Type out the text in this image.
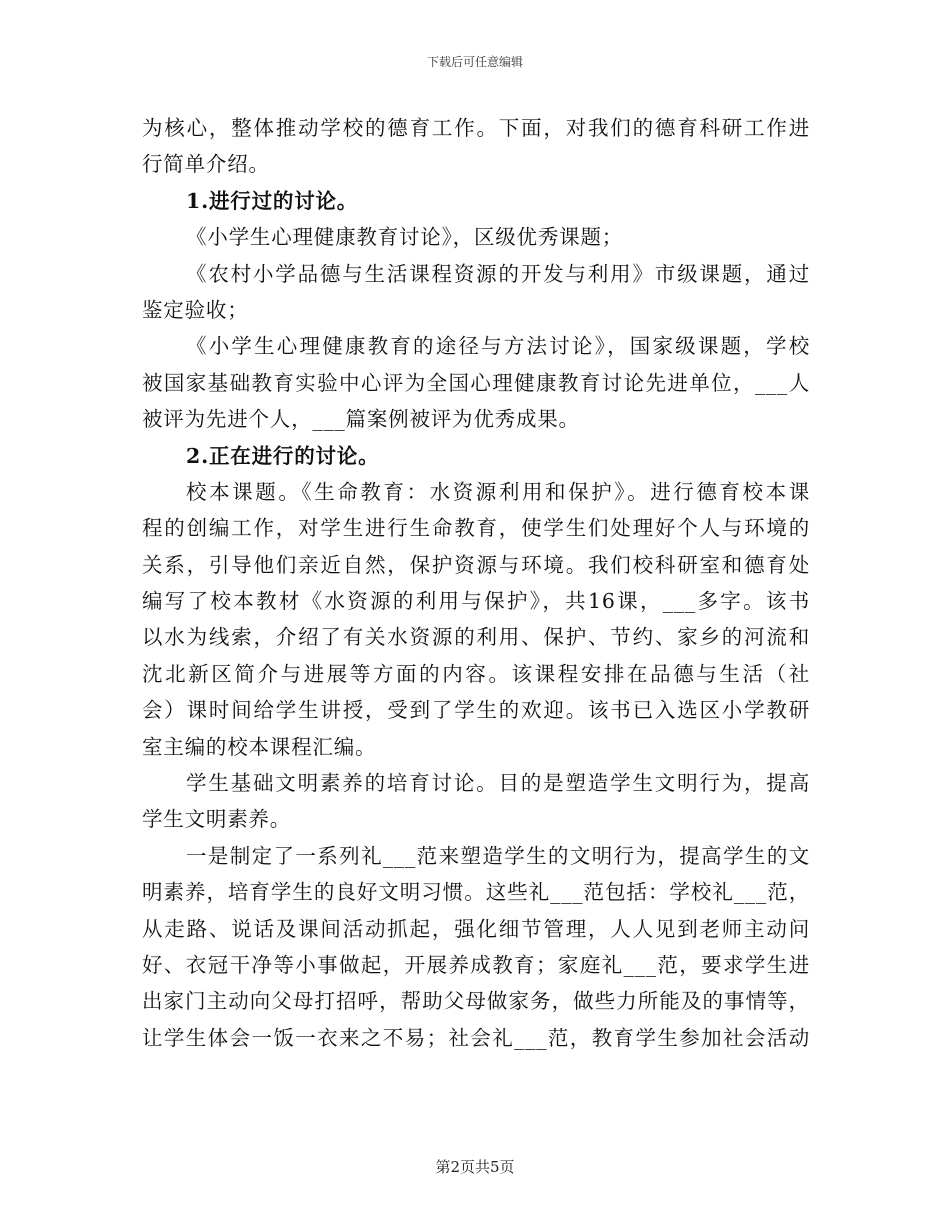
下载后可任意编辑
为核心，整体推动学校的德育工作。下面，对我们的德育科研工作进
行简单介绍。
1.进行过的讨论。
《小学生心理健康教育讨论》，区级优秀课题；
《农村小学品德与生活课程资源的开发与利用》市级课题，通过
鉴定验收；
《小学生心理健康教育的途径与方法讨论》，国家级课题，学校
被国家基础教育实验中心评为全国心理健康教育讨论先进单位，___人
被评为先进个人，___篇案例被评为优秀成果。
2.正在进行的讨论。
校本课题。《生命教育：水资源利用和保护》。进行德育校本课
程的创编工作，对学生进行生命教育，使学生们处理好个人与环境的
关系，引导他们亲近自然，保护资源与环境。我们校科研室和德育处
编写了校本教材《水资源的利用与保护》，共16课，___多字。该书
以水为线索，介绍了有关水资源的利用、保护、节约、家乡的河流和
沈北新区简介与进展等方面的内容。该课程安排在品德与生活（社
会）课时间给学生讲授，受到了学生的欢迎。该书已入选区小学教研
室主编的校本课程汇编。
学生基础文明素养的培育讨论。目的是塑造学生文明行为，提高
学生文明素养。
一是制定了一系列礼___范来塑造学生的文明行为，提高学生的文
明素养，培育学生的良好文明习惯。这些礼___范包括：学校礼___范，
从走路、说话及课间活动抓起，强化细节管理，人人见到老师主动问
好、衣冠干净等小事做起，开展养成教育；家庭礼___范，要求学生进
出家门主动向父母打招呼，帮助父母做家务，做些力所能及的事情等，
让学生体会一饭一衣来之不易；社会礼___范，教育学生参加社会活动
第2页共5页
